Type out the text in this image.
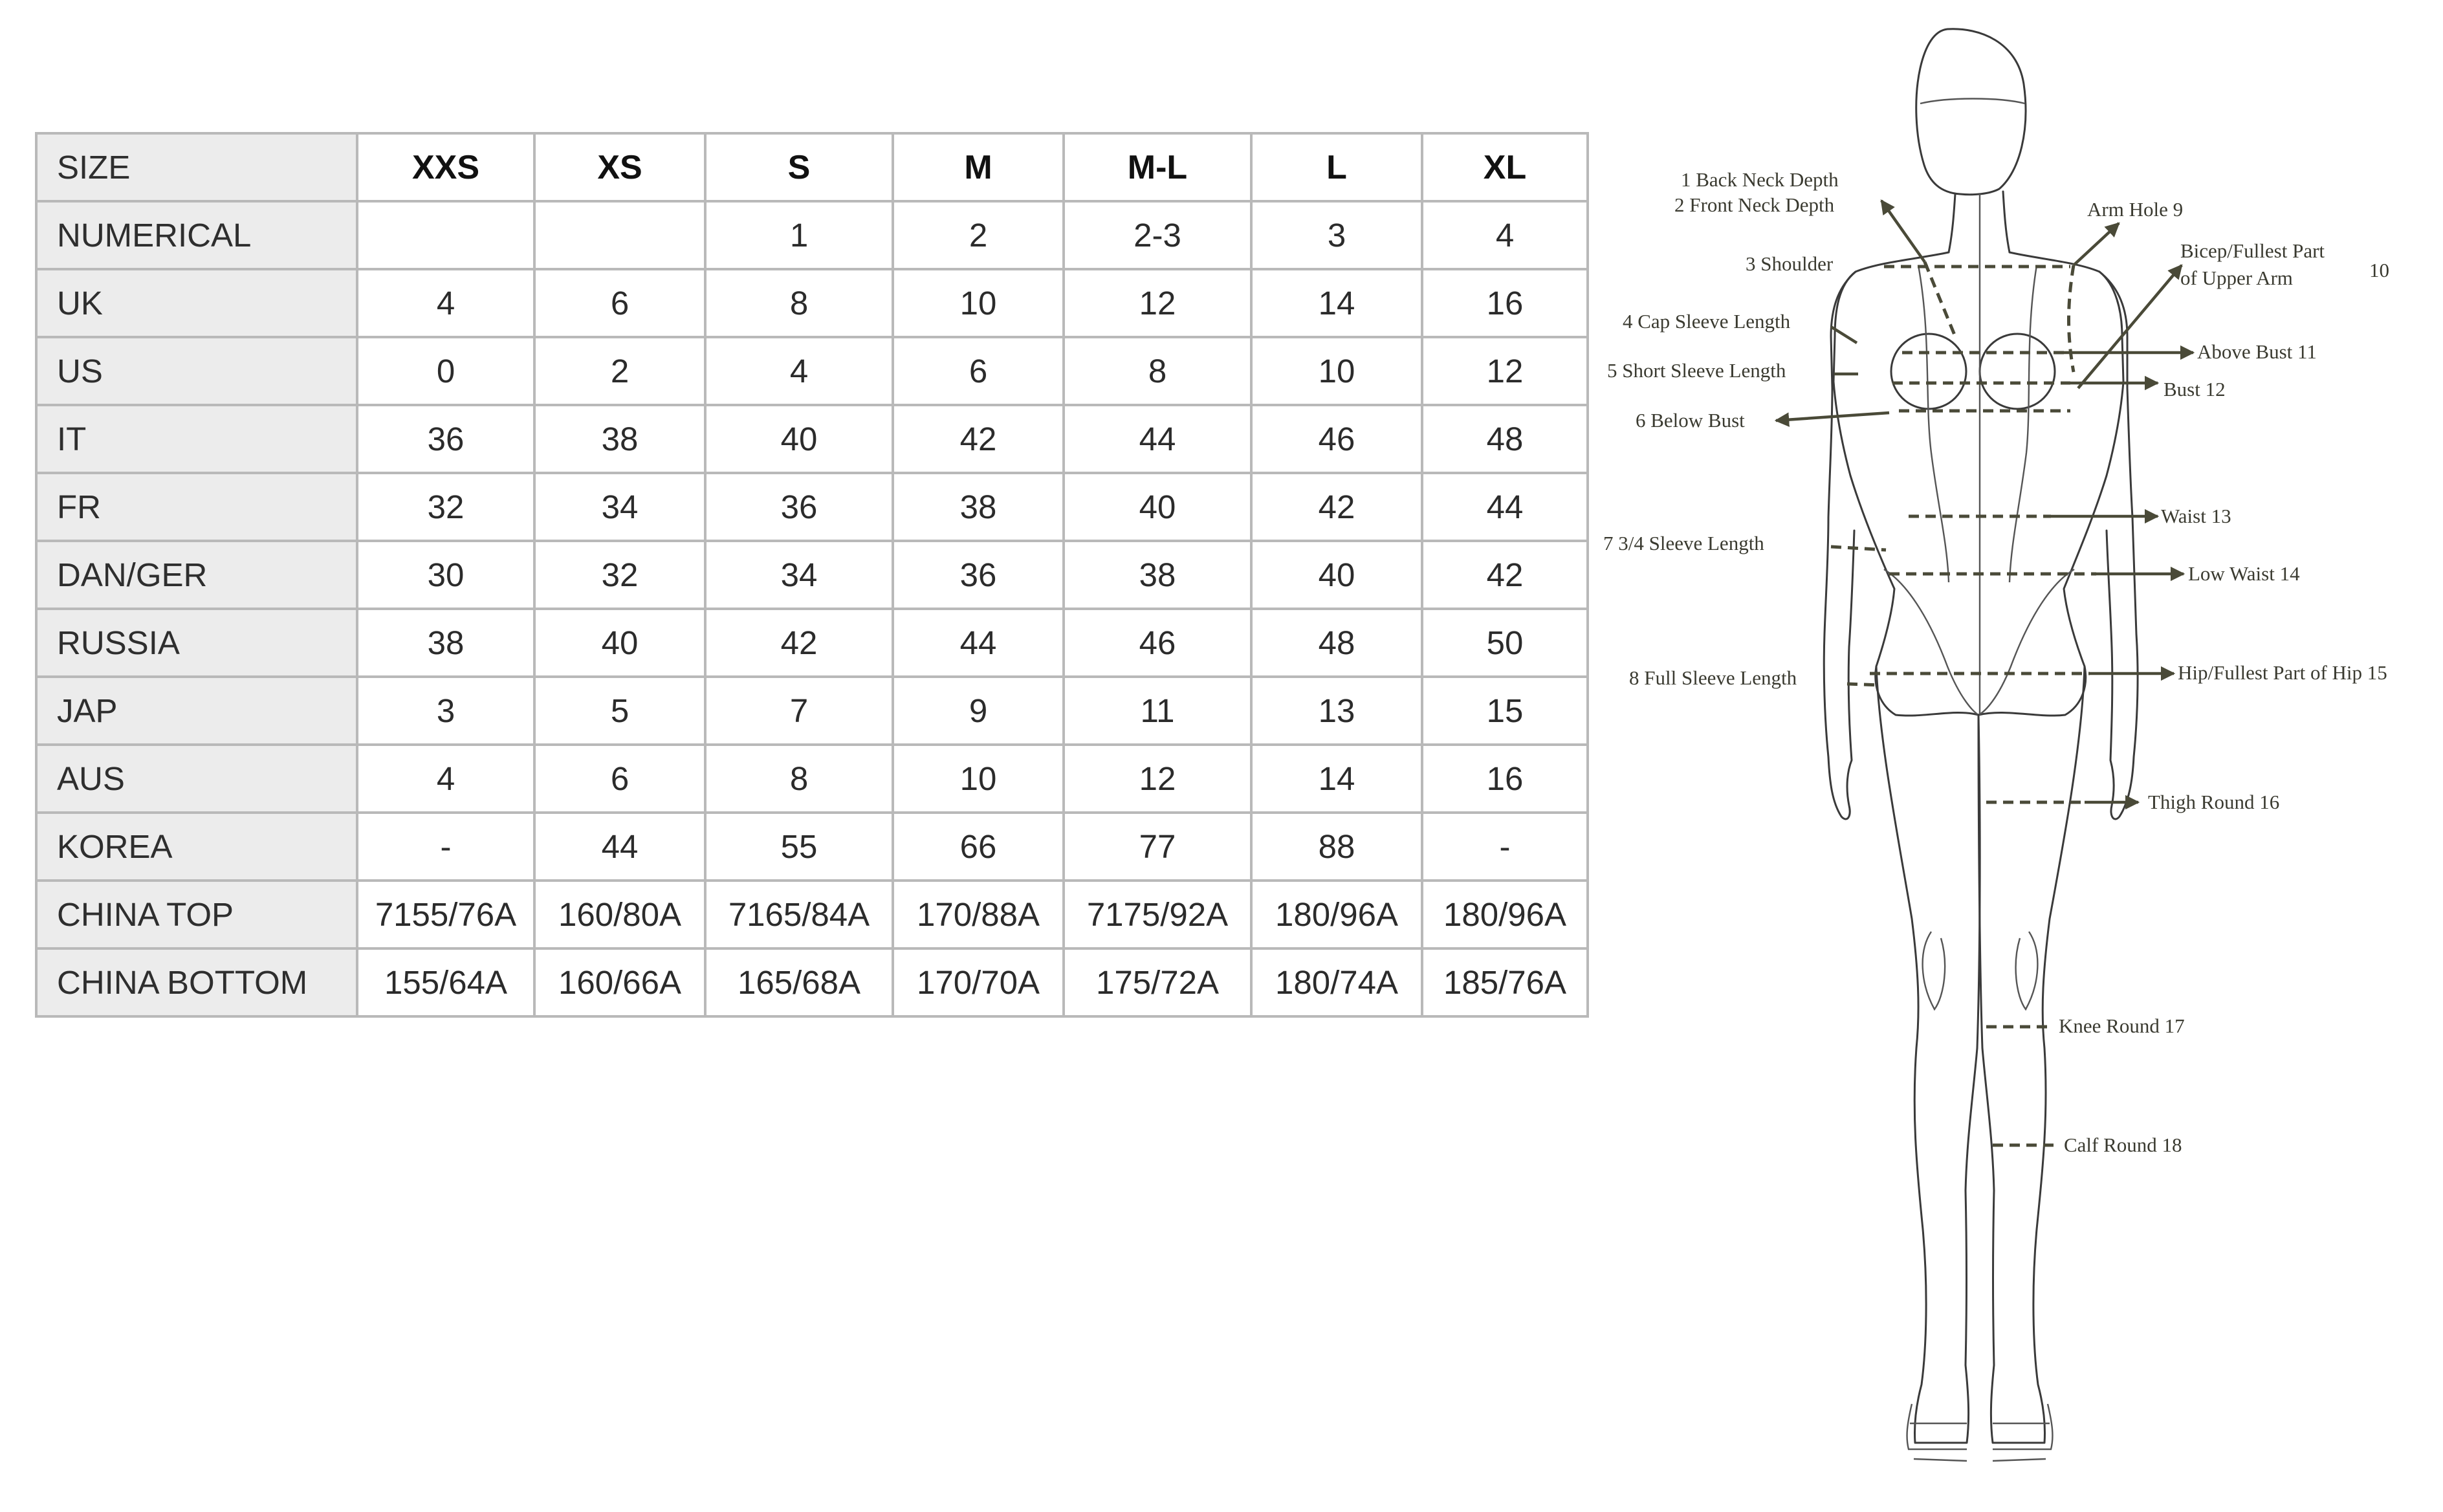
SIZE	XXS	XS	S	M	M-L	L	XL
NUMERICAL			1	2	2-3	3	4
UK	4	6	8	10	12	14	16
US	0	2	4	6	8	10	12
IT	36	38	40	42	44	46	48
FR	32	34	36	38	40	42	44
DAN/GER	30	32	34	36	38	40	42
RUSSIA	38	40	42	44	46	48	50
JAP	3	5	7	9	11	13	15
AUS	4	6	8	10	12	14	16
KOREA	-	44	55	66	77	88	-
CHINA TOP	7155/76A	160/80A	7165/84A	170/88A	7175/92A	180/96A	180/96A
CHINA BOTTOM	155/64A	160/66A	165/68A	170/70A	175/72A	180/74A	185/76A
1 Back Neck Depth
2 Front Neck Depth
3 Shoulder
4 Cap Sleeve Length
5 Short Sleeve Length
6 Below Bust
7 3/4 Sleeve Length
8 Full Sleeve Length
Arm Hole 9
Bicep/Fullest Part
of Upper Arm	10
Above Bust 11
Bust 12
Waist 13
Low Waist 14
Hip/Fullest Part of Hip 15
Thigh Round 16
Knee Round 17
Calf Round 18
